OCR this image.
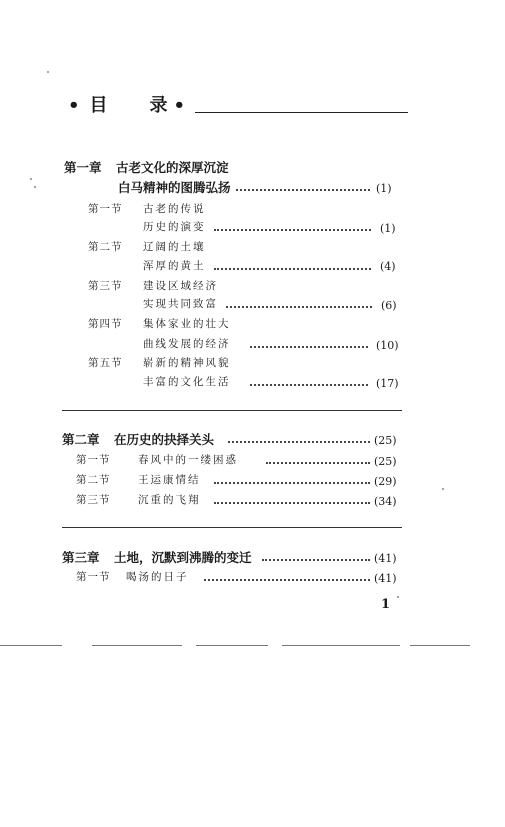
• 目 录 •
第一章 古老文化的深厚沉淀
白马精神的图腾弘扬	(1)
第一节 古老的传说
历史的演变	(1)
第二节 辽阔的土壤
浑厚的黄土	(4)
第三节 建设区域经济
实现共同致富	(6)
第四节 集体家业的壮大
曲线发展的经济	(10)
第五节 崭新的精神风貌
丰富的文化生活	(17)
第二章 在历史的抉择关头	(25)
第一节	春风中的一缕困惑	(25)
第二节	王运康情结	(29)
第三节	沉重的飞翔	(34)
第三章 土地，沉默到沸腾的变迁	(41)
第一节 喝汤的日子	(41)
1
